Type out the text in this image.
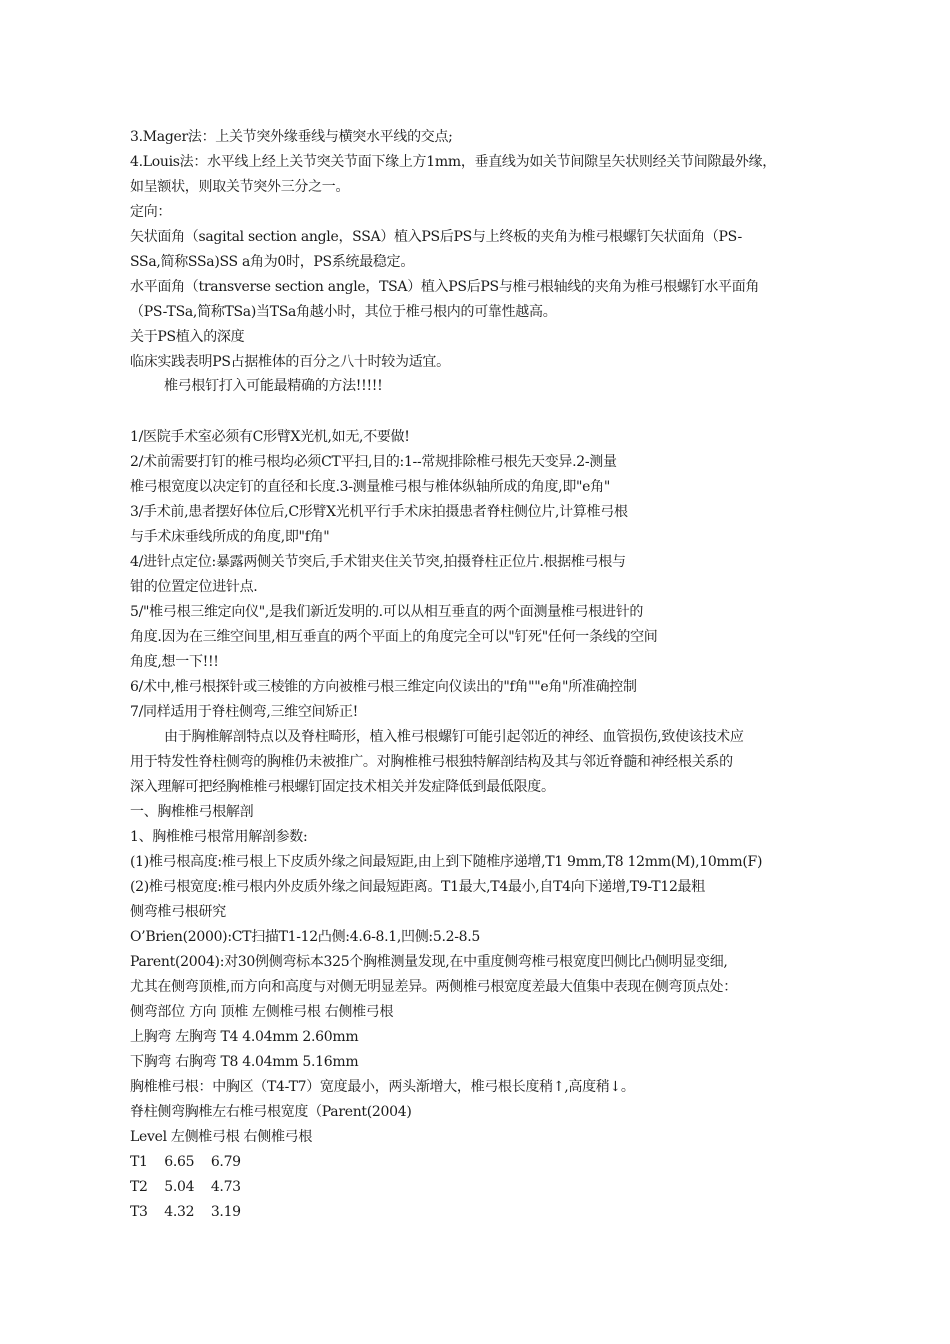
3.Mager法：上关节突外缘垂线与横突水平线的交点;
4.Louis法：水平线上经上关节突关节面下缘上方1mm，垂直线为如关节间隙呈矢状则经关节间隙最外缘，
如呈额状，则取关节突外三分之一。
定向：
矢状面角（sagital section angle，SSA）植入PS后PS与上终板的夹角为椎弓根螺钉矢状面角（PS-
SSa,简称SSa)SS a角为0时，PS系统最稳定。
水平面角（transverse section angle，TSA）植入PS后PS与椎弓根轴线的夹角为椎弓根螺钉水平面角
（PS-TSa,简称TSa)当TSa角越小时，其位于椎弓根内的可靠性越高。
关于PS植入的深度
临床实践表明PS占据椎体的百分之八十时较为适宜。
椎弓根钉打入可能最精确的方法!!!!!
1/医院手术室必须有C形臂X光机,如无,不要做!
2/术前需要打钉的椎弓根均必须CT平扫,目的:1--常规排除椎弓根先天变异.2-测量
椎弓根宽度以决定钉的直径和长度.3-测量椎弓根与椎体纵轴所成的角度,即"e角"
3/手术前,患者摆好体位后,C形臂X光机平行手术床拍摄患者脊柱侧位片,计算椎弓根
与手术床垂线所成的角度,即"f角"
4/进针点定位:暴露两侧关节突后,手术钳夹住关节突,拍摄脊柱正位片.根据椎弓根与
钳的位置定位进针点.
5/"椎弓根三维定向仪",是我们新近发明的.可以从相互垂直的两个面测量椎弓根进针的
角度.因为在三维空间里,相互垂直的两个平面上的角度完全可以"钉死"任何一条线的空间
角度,想一下!!!
6/术中,椎弓根探针或三棱锥的方向被椎弓根三维定向仪读出的"f角""e角"所准确控制
7/同样适用于脊柱侧弯,三维空间矫正!
由于胸椎解剖特点以及脊柱畸形，植入椎弓根螺钉可能引起邻近的神经、血管损伤,致使该技术应
用于特发性脊柱侧弯的胸椎仍未被推广。对胸椎椎弓根独特解剖结构及其与邻近脊髓和神经根关系的
深入理解可把经胸椎椎弓根螺钉固定技术相关并发症降低到最低限度。
一、胸椎椎弓根解剖
1、胸椎椎弓根常用解剖参数:
(1)椎弓根高度:椎弓根上下皮质外缘之间最短距,由上到下随椎序递增,T1 9mm,T8 12mm(M),10mm(F)
(2)椎弓根宽度:椎弓根内外皮质外缘之间最短距离。T1最大,T4最小,自T4向下递增,T9-T12最粗
侧弯椎弓根研究
O’Brien(2000):CT扫描T1-12凸侧:4.6-8.1,凹侧:5.2-8.5
Parent(2004):对30例侧弯标本325个胸椎测量发现,在中重度侧弯椎弓根宽度凹侧比凸侧明显变细,
尤其在侧弯顶椎,而方向和高度与对侧无明显差异。两侧椎弓根宽度差最大值集中表现在侧弯顶点处：
侧弯部位 方向 顶椎 左侧椎弓根 右侧椎弓根
上胸弯 左胸弯 T4 4.04mm 2.60mm
下胸弯 右胸弯 T8 4.04mm 5.16mm
胸椎椎弓根：中胸区（T4-T7）宽度最小，两头渐增大，椎弓根长度稍↑,高度稍↓。
脊柱侧弯胸椎左右椎弓根宽度（Parent(2004)
Level 左侧椎弓根 右侧椎弓根
T1    6.65    6.79
T2    5.04    4.73
T3    4.32    3.19
